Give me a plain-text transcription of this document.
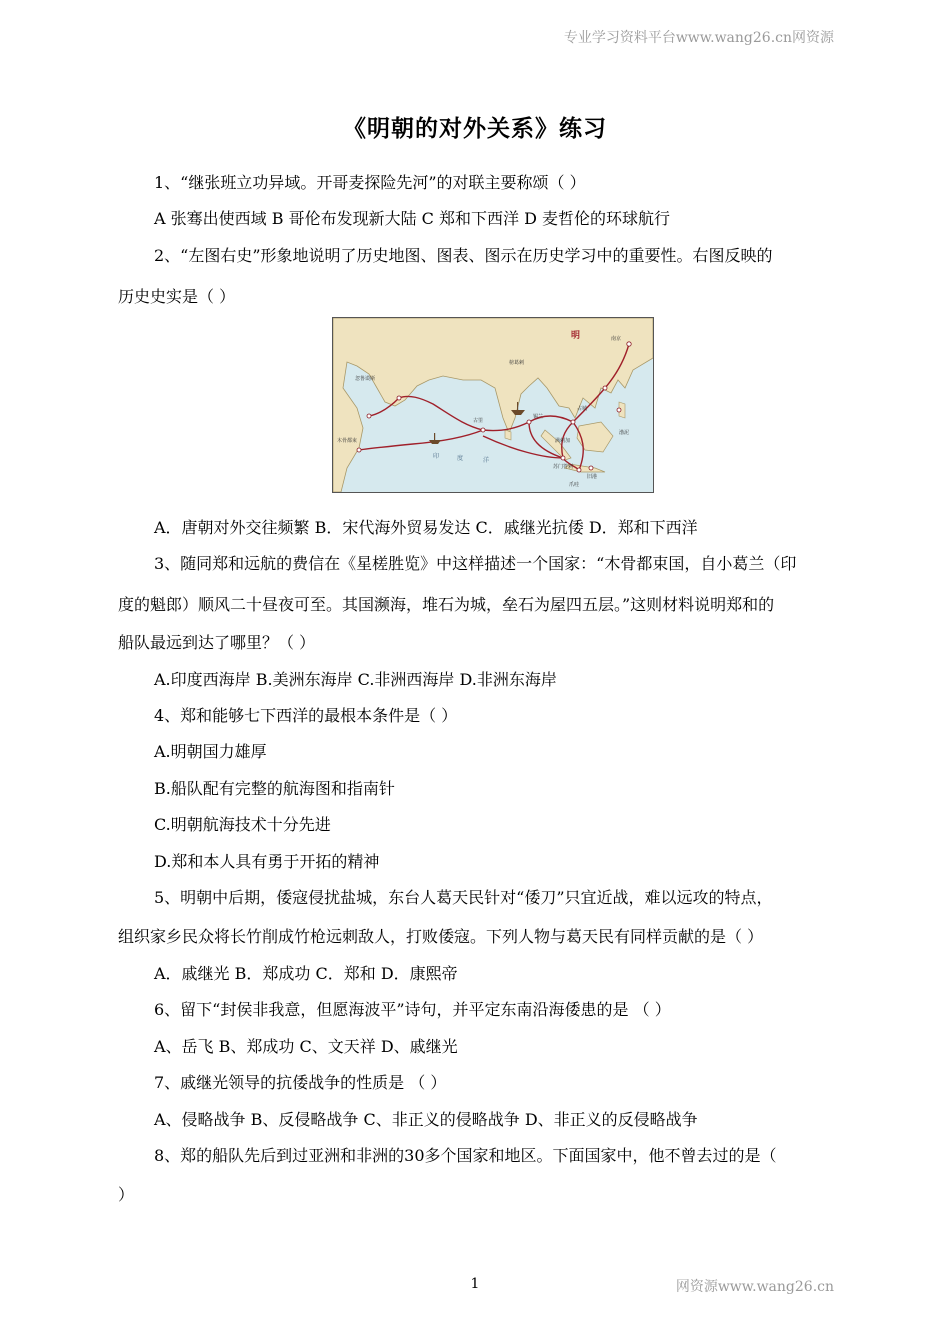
专业学习资料平台www.wang26.cn网资源
《明朝的对外关系》练习
1、“继张班立功异域。开哥麦探险先河”的对联主要称颂（ ）
A 张骞出使西域 B 哥伦布发现新大陆 C 郑和下西洋 D 麦哲伦的环球航行
2、“左图右史”形象地说明了历史地图、图表、图示在历史学习中的重要性。右图反映的
历史史实是（ ）
明	南京
榜葛剌
忽鲁谟斯
木骨都束
古里
锡兰
满剌加
旧港
爪哇
苏门答剌
占城
印	度	洋
渤泥
A．唐朝对外交往频繁 B．宋代海外贸易发达 C．戚继光抗倭 D．郑和下西洋
3、随同郑和远航的费信在《星槎胜览》中这样描述一个国家：“木骨都束国，自小葛兰（印
度的魁郎）顺风二十昼夜可至。其国濒海，堆石为城，垒石为屋四五层。”这则材料说明郑和的
船队最远到达了哪里？（ ）
A.印度西海岸 B.美洲东海岸 C.非洲西海岸 D.非洲东海岸
4、郑和能够七下西洋的最根本条件是（ ）
A.明朝国力雄厚
B.船队配有完整的航海图和指南针
C.明朝航海技术十分先进
D.郑和本人具有勇于开拓的精神
5、明朝中后期，倭寇侵扰盐城，东台人葛天民针对“倭刀”只宜近战，难以远攻的特点，
组织家乡民众将长竹削成竹枪远刺敌人，打败倭寇。下列人物与葛天民有同样贡献的是（ ）
A．戚继光 B．郑成功 C．郑和 D．康熙帝
6、留下“封侯非我意，但愿海波平”诗句，并平定东南沿海倭患的是 （ ）
A、岳飞 B、郑成功 C、文天祥 D、戚继光
7、戚继光领导的抗倭战争的性质是 （ ）
A、侵略战争 B、反侵略战争 C、非正义的侵略战争 D、非正义的反侵略战争
8、郑的船队先后到过亚洲和非洲的30多个国家和地区。下面国家中，他不曾去过的是（
）
1	网资源www.wang26.cn
